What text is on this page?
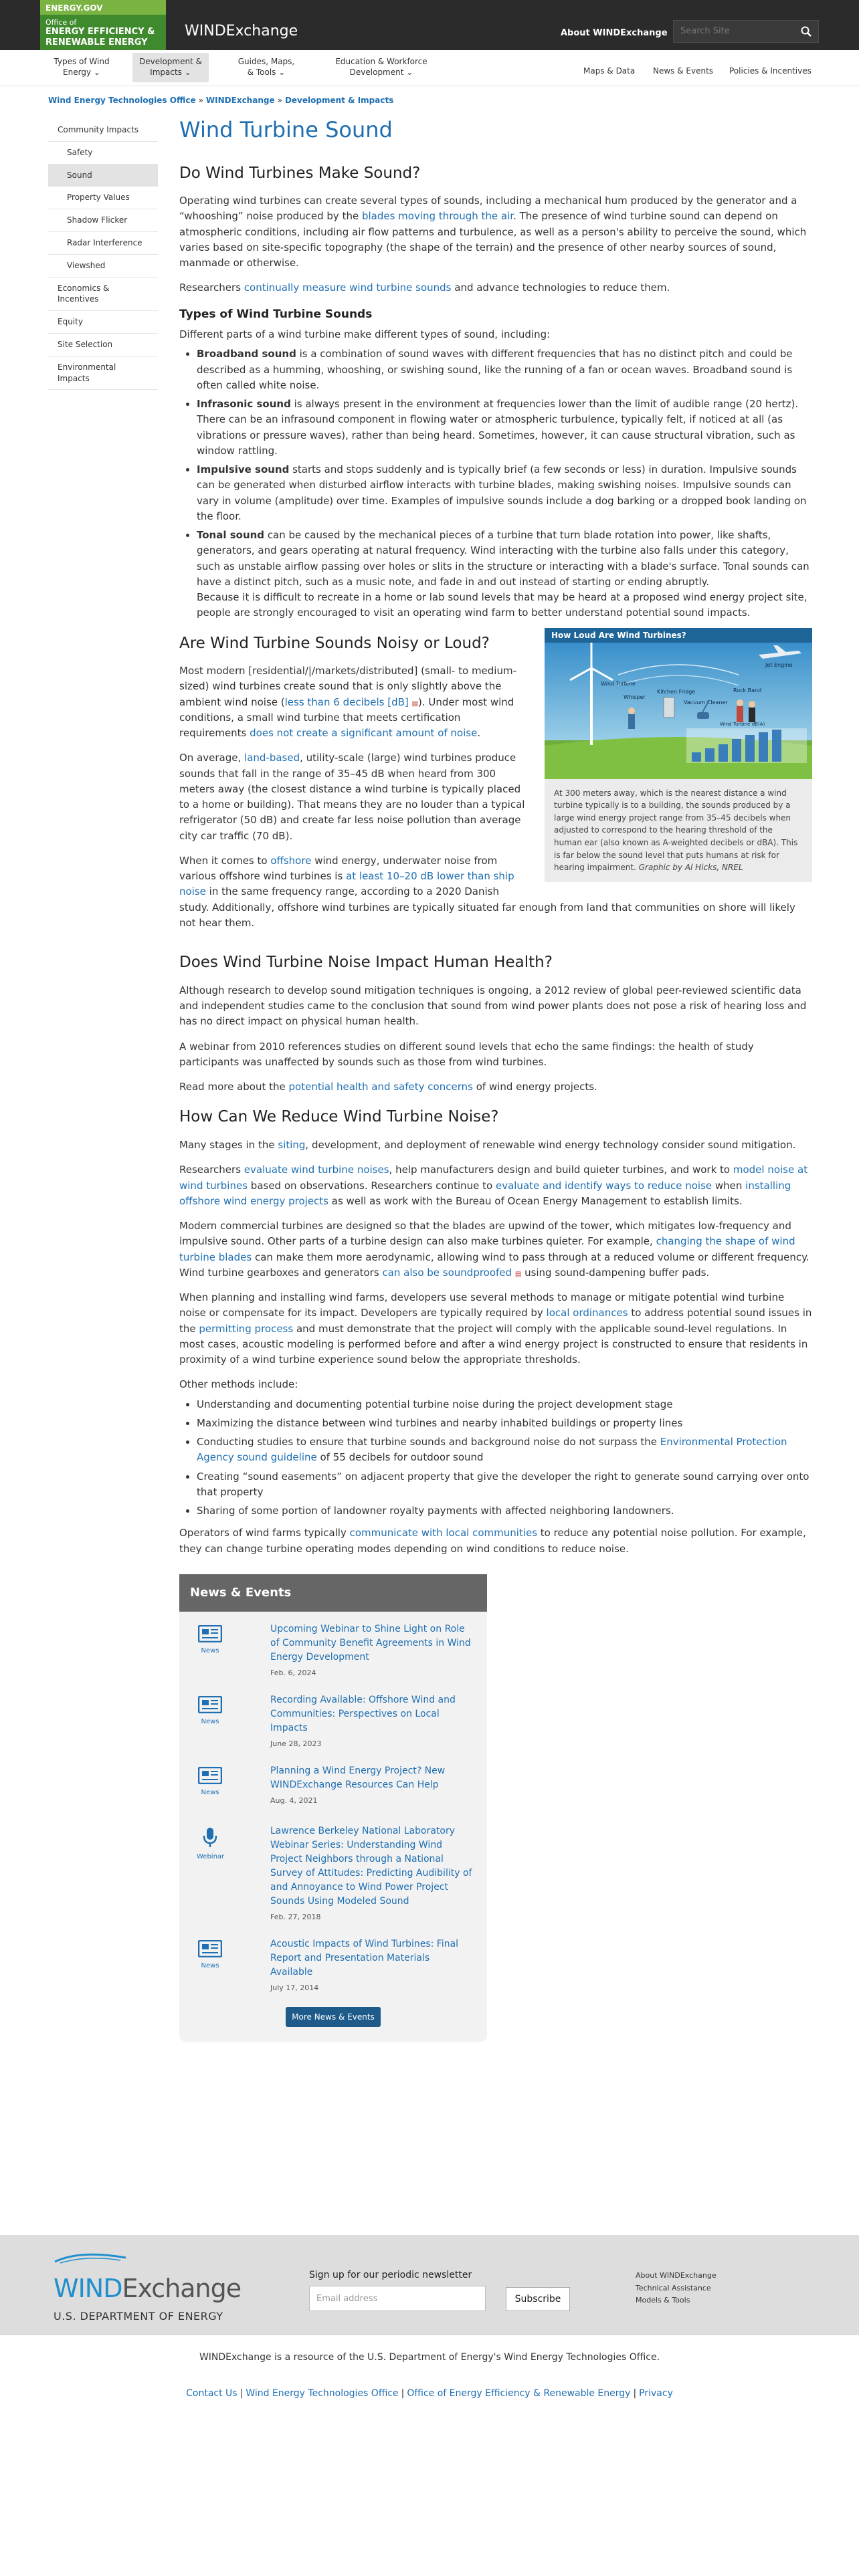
ENERGY.GOV
Office of
ENERGY EFFICIENCY &
RENEWABLE ENERGY
WINDExchange	About WINDExchange
Search Site
Types of Wind
Energy ⌄
Development &
Impacts ⌄
Guides, Maps,
& Tools ⌄
Education & Workforce
Development ⌄	Maps & Data News & Events Policies & Incentives
Wind Energy Technologies Office » WINDExchange » Development & Impacts
Community Impacts
Safety
Sound
Property Values
Shadow Flicker
Radar Interference
Viewshed
Economics & Incentives
Equity
Site Selection
Environmental Impacts
Wind Turbine Sound
Do Wind Turbines Make Sound?

Operating wind turbines can create several types of sounds, including a mechanical hum produced by the generator and a “whooshing” noise produced by the blades moving through the air. The presence of wind turbine sound can depend on atmospheric conditions, including air flow patterns and turbulence, as well as a person's ability to perceive the sound, which varies based on site-specific topography (the shape of the terrain) and the presence of other nearby sources of sound, manmade or otherwise.

Researchers continually measure wind turbine sounds and advance technologies to reduce them.

Types of Wind Turbine Sounds

Different parts of a wind turbine make different types of sound, including:

• Broadband sound is a combination of sound waves with different frequencies that has no distinct pitch and could be described as a humming, whooshing, or swishing sound, like the running of a fan or ocean waves. Broadband sound is often called white noise.
• Infrasonic sound is always present in the environment at frequencies lower than the limit of audible range (20 hertz). There can be an infrasound component in flowing water or atmospheric turbulence, typically felt, if noticed at all (as vibrations or pressure waves), rather than being heard. Sometimes, however, it can cause structural vibration, such as window rattling.
• Impulsive sound starts and stops suddenly and is typically brief (a few seconds or less) in duration. Impulsive sounds can be generated when disturbed airflow interacts with turbine blades, making swishing noises. Impulsive sounds can vary in volume (amplitude) over time. Examples of impulsive sounds include a dog barking or a dropped book landing on the floor.
• Tonal sound can be caused by the mechanical pieces of a turbine that turn blade rotation into power, like shafts, generators, and gears operating at natural frequency. Wind interacting with the turbine also falls under this category, such as unstable airflow passing over holes or slits in the structure or interacting with a blade's surface. Tonal sounds can have a distinct pitch, such as a music note, and fade in and out instead of starting or ending abruptly.
Because it is difficult to recreate in a home or lab sound levels that may be heard at a proposed wind energy project site, people are strongly encouraged to visit an operating wind farm to better understand potential sound impacts.
How Loud Are Wind Turbines?
Wind Turbine
Whisper
Kitchen Fridge
Vacuum Cleaner
Rock Band
Jet Engine
Wind Turbine dB(A)
At 300 meters away, which is the nearest distance a wind turbine typically is to a building, the sounds produced by a large wind energy project range from 35–45 decibels when adjusted to correspond to the hearing threshold of the human ear (also known as A-weighted decibels or dBA). This is far below the sound level that puts humans at risk for hearing impairment. Graphic by Al Hicks, NREL
Are Wind Turbine Sounds Noisy or Loud?

Most modern [residential/|/markets/distributed] (small- to medium-sized) wind turbines create sound that is only slightly above the ambient wind noise (less than 6 decibels [dB] ▤). Under most wind conditions, a small wind turbine that meets certification requirements does not create a significant amount of noise.

On average, land-based, utility-scale (large) wind turbines produce sounds that fall in the range of 35–45 dB when heard from 300 meters away (the closest distance a wind turbine is typically placed to a home or building). That means they are no louder than a typical refrigerator (50 dB) and create far less noise pollution than average city car traffic (70 dB).

When it comes to offshore wind energy, underwater noise from various offshore wind turbines is at least 10–20 dB lower than ship noise in the same frequency range, according to a 2020 Danish study. Additionally, offshore wind turbines are typically situated far enough from land that communities on shore will likely not hear them.

Does Wind Turbine Noise Impact Human Health?

Although research to develop sound mitigation techniques is ongoing, a 2012 review of global peer-reviewed scientific data and independent studies came to the conclusion that sound from wind power plants does not pose a risk of hearing loss and has no direct impact on physical human health.

A webinar from 2010 references studies on different sound levels that echo the same findings: the health of study participants was unaffected by sounds such as those from wind turbines.

Read more about the potential health and safety concerns of wind energy projects.

How Can We Reduce Wind Turbine Noise?

Many stages in the siting, development, and deployment of renewable wind energy technology consider sound mitigation.

Researchers evaluate wind turbine noises, help manufacturers design and build quieter turbines, and work to model noise at wind turbines based on observations. Researchers continue to evaluate and identify ways to reduce noise when installing offshore wind energy projects as well as work with the Bureau of Ocean Energy Management to establish limits.

Modern commercial turbines are designed so that the blades are upwind of the tower, which mitigates low-frequency and impulsive sound. Other parts of a turbine design can also make turbines quieter. For example, changing the shape of wind turbine blades can make them more aerodynamic, allowing wind to pass through at a reduced volume or different frequency. Wind turbine gearboxes and generators can also be soundproofed ▤ using sound-dampening buffer pads.

When planning and installing wind farms, developers use several methods to manage or mitigate potential wind turbine noise or compensate for its impact. Developers are typically required by local ordinances to address potential sound issues in the permitting process and must demonstrate that the project will comply with the applicable sound-level regulations. In most cases, acoustic modeling is performed before and after a wind energy project is constructed to ensure that residents in proximity of a wind turbine experience sound below the appropriate thresholds.

Other methods include:

• Understanding and documenting potential turbine noise during the project development stage
• Maximizing the distance between wind turbines and nearby inhabited buildings or property lines
• Conducting studies to ensure that turbine sounds and background noise do not surpass the Environmental Protection Agency sound guideline of 55 decibels for outdoor sound
• Creating “sound easements” on adjacent property that give the developer the right to generate sound carrying over onto that property
• Sharing of some portion of landowner royalty payments with affected neighboring landowners.

Operators of wind farms typically communicate with local communities to reduce any potential noise pollution. For example, they can change turbine operating modes depending on wind conditions to reduce noise.

News & Events
News
Upcoming Webinar to Shine Light on Role of Community Benefit Agreements in Wind Energy Development
Feb. 6, 2024
News
Recording Available: Offshore Wind and Communities: Perspectives on Local Impacts
June 28, 2023
News
Planning a Wind Energy Project? New WINDExchange Resources Can Help
Aug. 4, 2021
Webinar
Lawrence Berkeley National Laboratory Webinar Series: Understanding Wind Project Neighbors through a National Survey of Attitudes: Predicting Audibility of and Annoyance to Wind Power Project Sounds Using Modeled Sound
Feb. 27, 2018
News
Acoustic Impacts of Wind Turbines: Final Report and Presentation Materials Available
July 17, 2014
More News & Events
WINDExchange
U.S. DEPARTMENT OF ENERGY
Sign up for our periodic newsletter
Email address	Subscribe
About WINDExchange
Technical Assistance
Models & Tools
WINDExchange is a resource of the U.S. Department of Energy's Wind Energy Technologies Office.
Contact Us | Wind Energy Technologies Office | Office of Energy Efficiency & Renewable Energy | Privacy
